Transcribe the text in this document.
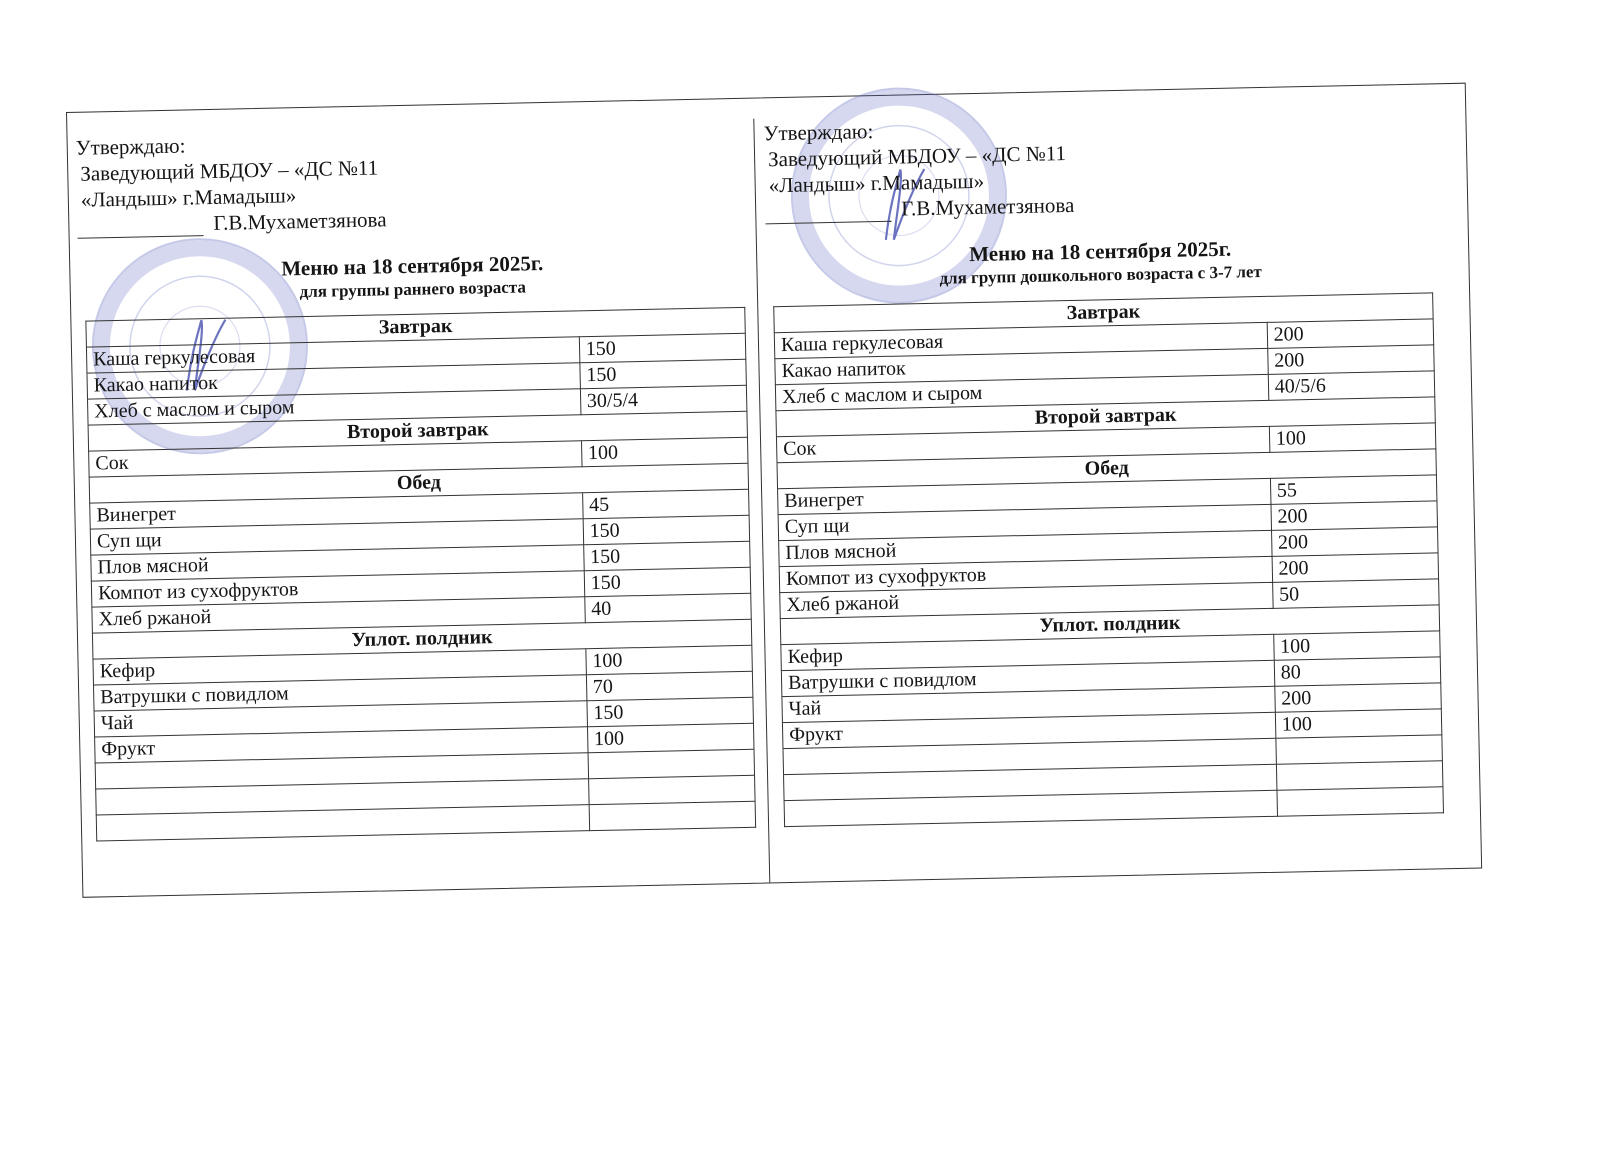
Утверждаю:
Заведующий МБДОУ – «ДС №11
«Ландыш» г.Мамадыш»
Г.В.Мухаметзянова
Меню на 18 сентября 2025г.
для группы раннего возраста
Завтрак	
Каша геркулесовая	150
Какао напиток	150
Хлеб с маслом и сыром	30/5/4
Второй завтрак	
Сок	100
Обед	
Винегрет	45
Суп щи	150
Плов мясной	150
Компот из сухофруктов	150
Хлеб ржаной	40
Уплот. полдник	
Кефир	100
Ватрушки с повидлом	70
Чай	150
Фрукт	100

Утверждаю:
Заведующий МБДОУ – «ДС №11
«Ландыш» г.Мамадыш»
Г.В.Мухаметзянова
Меню на 18 сентября 2025г.
для групп дошкольного возраста с 3-7 лет
Завтрак	
Каша геркулесовая	200
Какао напиток	200
Хлеб с маслом и сыром	40/5/6
Второй завтрак	
Сок	100
Обед	
Винегрет	55
Суп щи	200
Плов мясной	200
Компот из сухофруктов	200
Хлеб ржаной	50
Уплот. полдник	
Кефир	100
Ватрушки с повидлом	80
Чай	200
Фрукт	100
